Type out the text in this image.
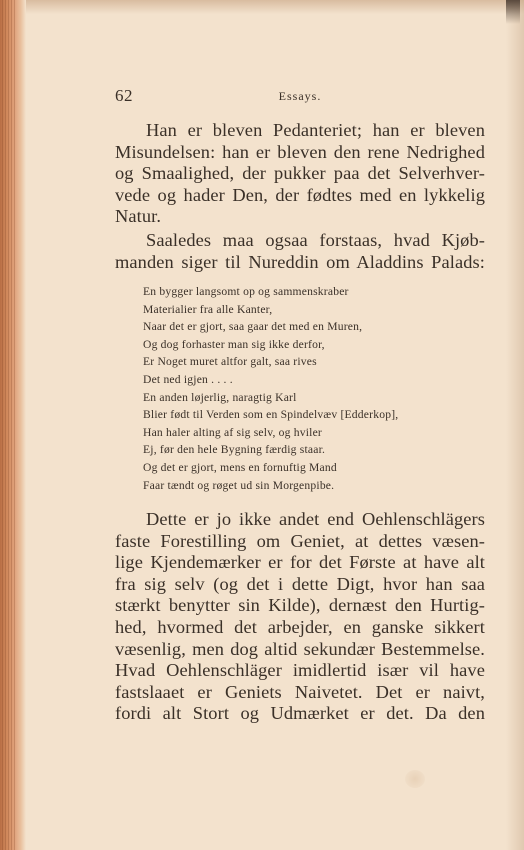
62	Essays.
Han er bleven Pedanteriet; han er bleven
Misundelsen: han er bleven den rene Nedrighed
og Smaalighed, der pukker paa det Selverhver-
vede og hader Den, der fødtes med en lykkelig
Natur.
Saaledes maa ogsaa forstaas, hvad Kjøb-
manden siger til Nureddin om Aladdins Palads:
En bygger langsomt op og sammenskraber
Materialier fra alle Kanter,
Naar det er gjort, saa gaar det med en Muren,
Og dog forhaster man sig ikke derfor,
Er Noget muret altfor galt, saa rives
Det ned igjen . . . .
En anden løjerlig, naragtig Karl
Blier født til Verden som en Spindelvæv [Edderkop],
Han haler alting af sig selv, og hviler
Ej, før den hele Bygning færdig staar.
Og det er gjort, mens en fornuftig Mand
Faar tændt og røget ud sin Morgenpibe.
Dette er jo ikke andet end Oehlenschlägers
faste Forestilling om Geniet, at dettes væsen-
lige Kjendemærker er for det Første at have alt
fra sig selv (og det i dette Digt, hvor han saa
stærkt benytter sin Kilde), dernæst den Hurtig-
hed, hvormed det arbejder, en ganske sikkert
væsenlig, men dog altid sekundær Bestemmelse.
Hvad Oehlenschläger imidlertid især vil have
fastslaaet er Geniets Naivetet. Det er naivt,
fordi alt Stort og Udmærket er det. Da den
